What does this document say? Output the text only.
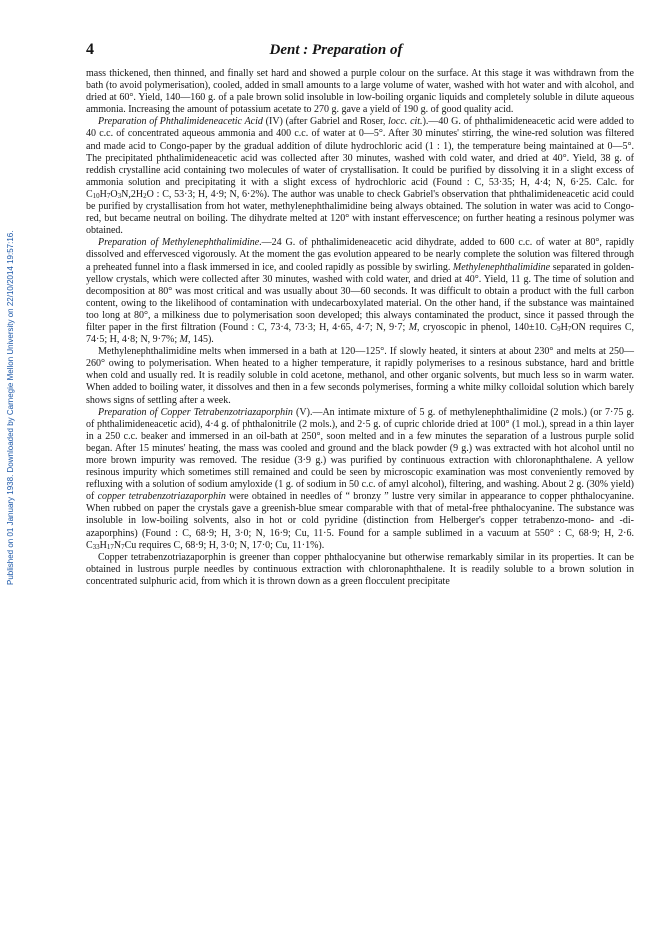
4	Dent : Preparation of
Published on 01 January 1938. Downloaded by Carnegie Mellon University on 22/10/2014 19:57:16.

mass thickened, then thinned, and finally set hard and showed a purple colour on the surface. At this stage it was withdrawn from the bath (to avoid polymerisation), cooled, added in small amounts to a large volume of water, washed with hot water and with alcohol, and dried at 60°. Yield, 140—160 g. of a pale brown solid insoluble in low-boiling organic liquids and completely soluble in dilute aqueous ammonia. Increasing the amount of potassium acetate to 270 g. gave a yield of 190 g. of good quality acid.

Preparation of Phthalimideneacetic Acid (IV) (after Gabriel and Roser, locc. cit.).—40 G. of phthalimideneacetic acid were added to 40 c.c. of concentrated aqueous ammonia and 400 c.c. of water at 0—5°. After 30 minutes' stirring, the wine-red solution was filtered and made acid to Congo-paper by the gradual addition of dilute hydrochloric acid (1 : 1), the temperature being maintained at 0—5°. The precipitated phthalimideneacetic acid was collected after 30 minutes, washed with cold water, and dried at 40°. Yield, 38 g. of reddish crystalline acid containing two molecules of water of crystallisation. It could be purified by dissolving it in a slight excess of ammonia solution and precipitating it with a slight excess of hydrochloric acid (Found : C, 53·35; H, 4·4; N, 6·25. Calc. for $C_{10}H_7O_3N,2H_2O$ : C, 53·3; H, 4·9; N, 6·2%). The author was unable to check Gabriel's observation that phthalimideneacetic acid could be purified by crystallisation from hot water, methylenephthalimidine being always obtained. The solution in water was acid to Congo-red, but became neutral on boiling. The dihydrate melted at 120° with instant effervescence; on further heating a resinous polymer was obtained.

Preparation of Methylenephthalimidine.—24 G. of phthalimideneacetic acid dihydrate, added to 600 c.c. of water at 80°, rapidly dissolved and effervesced vigorously. At the moment the gas evolution appeared to be nearly complete the solution was filtered through a preheated funnel into a flask immersed in ice, and cooled rapidly as possible by swirling. Methylenephthalimidine separated in golden-yellow crystals, which were collected after 30 minutes, washed with cold water, and dried at 40°. Yield, 11 g. The time of solution and decomposition at 80° was most critical and was usually about 30—60 seconds. It was difficult to obtain a product with the full carbon content, owing to the likelihood of contamination with undecarboxylated material. On the other hand, if the substance was maintained too long at 80°, a milkiness due to polymerisation soon developed; this always contaminated the product, since it passed through the filter paper in the first filtration (Found : C, 73·4, 73·3; H, 4·65, 4·7; N, 9·7; M, cryoscopic in phenol, 140±10. $C_9H_7ON$ requires C, 74·5; H, 4·8; N, 9·7%; M, 145).

Methylenephthalimidine melts when immersed in a bath at 120—125°. If slowly heated, it sinters at about 230° and melts at 250—260° owing to polymerisation. When heated to a higher temperature, it rapidly polymerises to a resinous substance, hard and brittle when cold and usually red. It is readily soluble in cold acetone, methanol, and other organic solvents, but much less so in warm water. When added to boiling water, it dissolves and then in a few seconds polymerises, forming a white milky colloidal solution which barely shows signs of settling after a week.

Preparation of Copper Tetrabenzotriazaporphin (V).—An intimate mixture of 5 g. of methylenephthalimidine (2 mols.) (or 7·75 g. of phthalimideneacetic acid), 4·4 g. of phthalonitrile (2 mols.), and 2·5 g. of cupric chloride dried at 100° (1 mol.), spread in a thin layer in a 250 c.c. beaker and immersed in an oil-bath at 250°, soon melted and in a few minutes the separation of a lustrous purple solid began. After 15 minutes' heating, the mass was cooled and ground and the black powder (9 g.) was extracted with hot alcohol until no more brown impurity was removed. The residue (3·9 g.) was purified by continuous extraction with chloronaphthalene. A yellow resinous impurity which sometimes still remained and could be seen by microscopic examination was most conveniently removed by refluxing with a solution of sodium amyloxide (1 g. of sodium in 50 c.c. of amyl alcohol), filtering, and washing. About 2 g. (30% yield) of copper tetrabenzotriazaporphin were obtained in needles of “ bronzy ” lustre very similar in appearance to copper phthalocyanine. When rubbed on paper the crystals gave a greenish-blue smear comparable with that of metal-free phthalocyanine. The substance was insoluble in low-boiling solvents, also in hot or cold pyridine (distinction from Helberger's copper tetrabenzo-mono- and -di-azaporphins) (Found : C, 68·9; H, 3·0; N, 16·9; Cu, 11·5. Found for a sample sublimed in a vacuum at 550° : C, 68·9; H, 2·6. $C_{33}H_{17}N_7Cu$ requires C, 68·9; H, 3·0; N, 17·0; Cu, 11·1%).

Copper tetrabenzotriazaporphin is greener than copper phthalocyanine but otherwise remarkably similar in its properties. It can be obtained in lustrous purple needles by continuous extraction with chloronaphthalene. It is readily soluble to a brown solution in concentrated sulphuric acid, from which it is thrown down as a green flocculent precipitate
